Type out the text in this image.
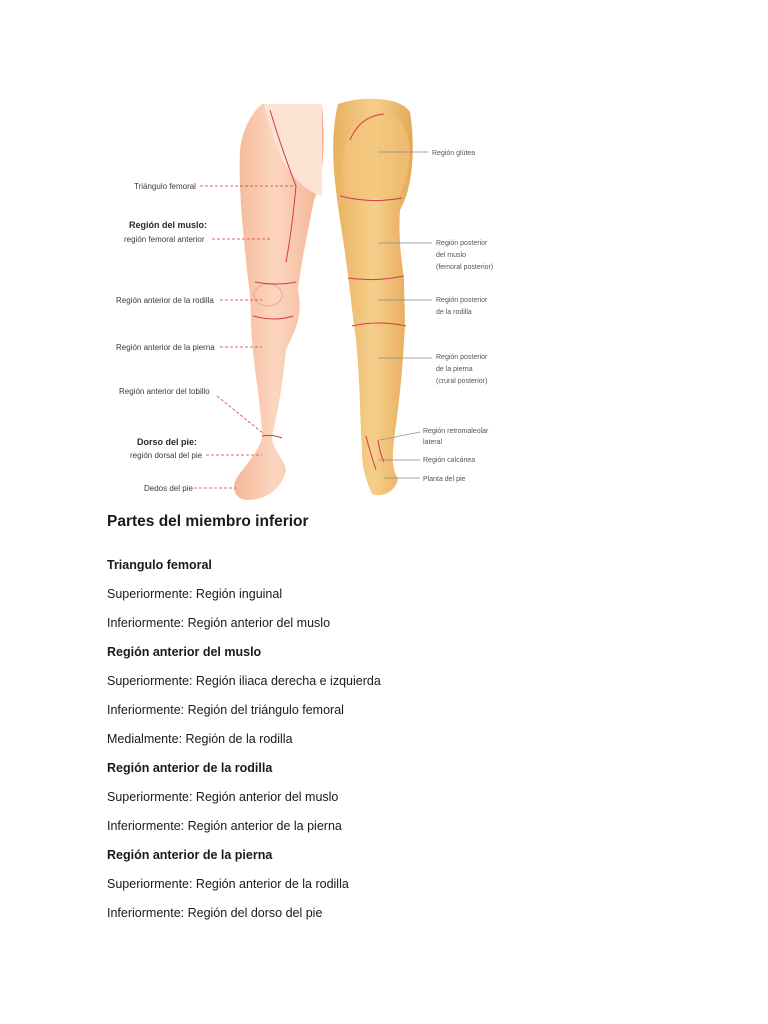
Triángulo femoral
Región del muslo:
región femoral anterior
Región anterior de la rodilla
Región anterior de la pierna
Región anterior del tobillo
Dorso del pie:
región dorsal del pie
Dedos del pie
Región glútea
Región posterior
del muslo
(femoral posterior)
Región posterior
de la rodilla
Región posterior
de la pierna
(crural posterior)
Región retromaleolar
lateral
Región calcánea
Planta del pie
Partes del miembro inferior

Triangulo femoral

Superiormente: Región inguinal

Inferiormente: Región anterior del muslo

Región anterior del muslo

Superiormente: Región iliaca derecha e izquierda

Inferiormente: Región del triángulo femoral

Medialmente: Región de la rodilla

Región anterior de la rodilla

Superiormente: Región anterior del muslo

Inferiormente: Región anterior de la pierna

Región anterior de la pierna

Superiormente: Región anterior de la rodilla

Inferiormente: Región del dorso del pie
